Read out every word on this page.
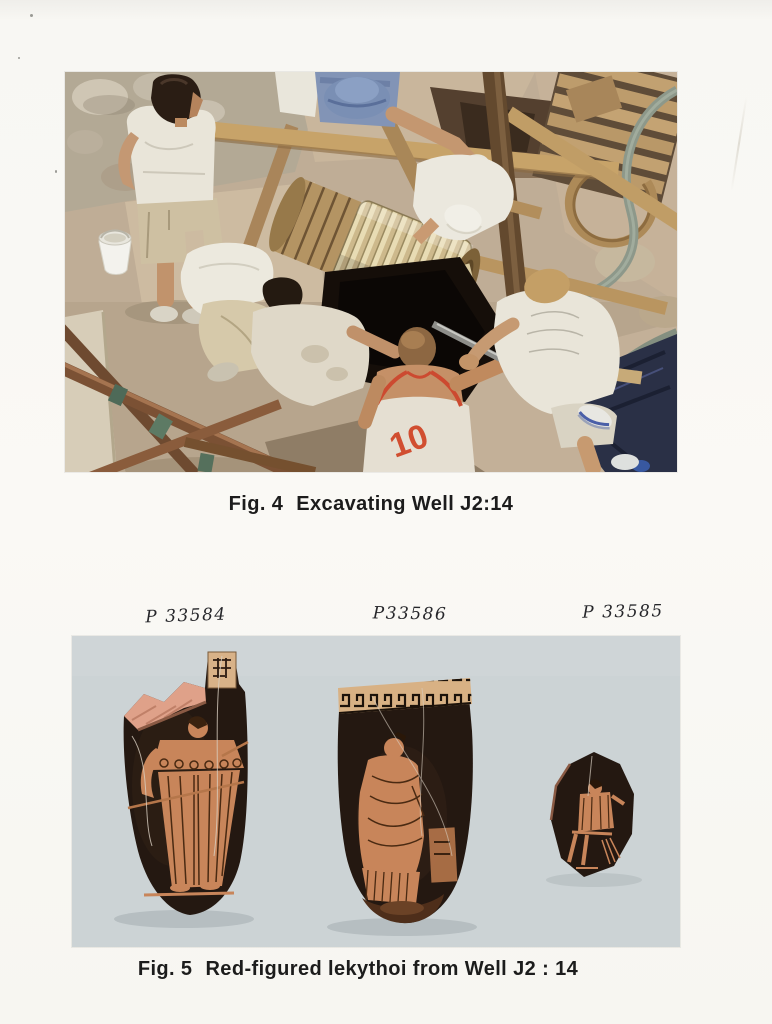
10
Fig. 4 Excavating Well J2:14
P 33584	P33586	P 33585
Fig. 5 Red-figured lekythoi from Well J2 : 14
